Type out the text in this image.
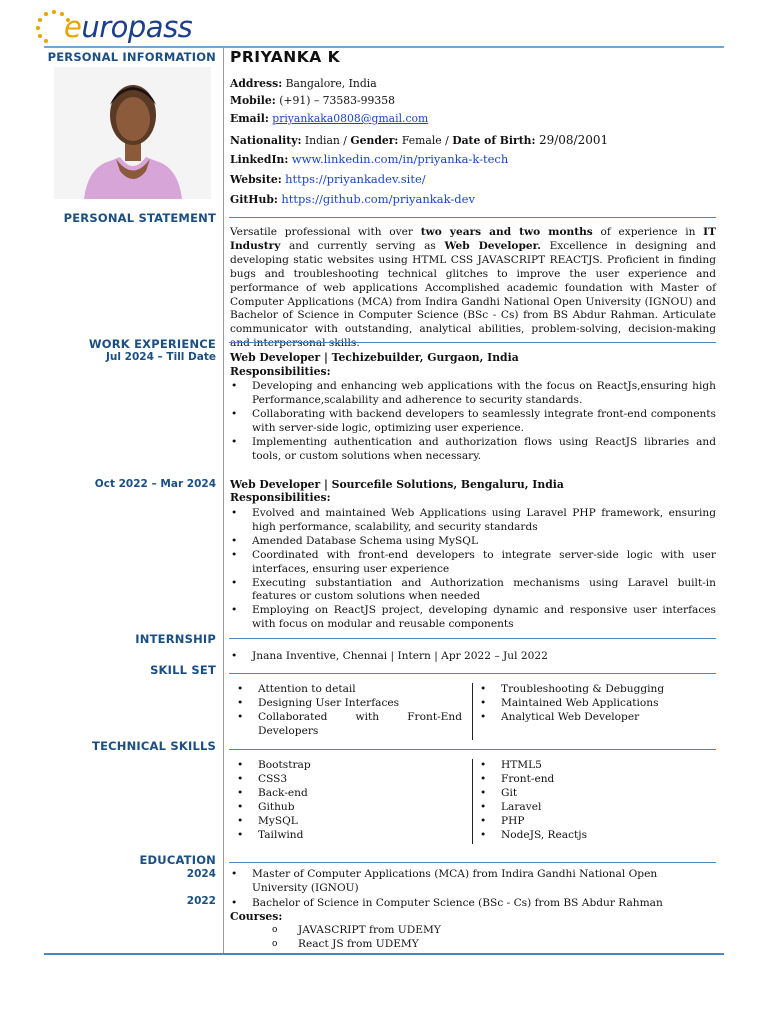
europass
PERSONAL INFORMATION
PERSONAL STATEMENT
WORK EXPERIENCE
Jul 2024 – Till Date
Oct 2022 – Mar 2024
INTERNSHIP
SKILL SET
TECHNICAL SKILLS
EDUCATION
2024
2022
PRIYANKA K
Address: Bangalore, India
Mobile: (+91) – 73583-99358
Email: priyankaka0808@gmail.com
Nationality: Indian / Gender: Female / Date of Birth: 29/08/2001
LinkedIn: www.linkedin.com/in/priyanka-k-tech
Website: https://priyankadev.site/
GitHub: https://github.com/priyankak-dev

Versatile professional with over two years and two months of experience in IT Industry and currently serving as Web Developer. Excellence in designing and developing static websites using HTML CSS JAVASCRIPT REACTJS. Proficient in finding bugs and troubleshooting technical glitches to improve the user experience and performance of web applications Accomplished academic foundation with Master of Computer Applications (MCA) from Indira Gandhi National Open University (IGNOU) and Bachelor of Science in Computer Science (BSc - Cs) from BS Abdur Rahman. Articulate communicator with outstanding, analytical abilities, problem-solving, decision-making and interpersonal skills.

Web Developer | Techizebuilder, Gurgaon, India
Responsibilities:
• Developing and enhancing web applications with the focus on ReactJs,ensuring high Performance,scalability and adherence to security standards.
• Collaborating with backend developers to seamlessly integrate front-end components with server-side logic, optimizing user experience.
• Implementing authentication and authorization flows using ReactJS libraries and tools, or custom solutions when necessary.
Web Developer | Sourcefile Solutions, Bengaluru, India
Responsibilities:
• Evolved and maintained Web Applications using Laravel PHP framework, ensuring high performance, scalability, and security standards
• Amended Database Schema using MySQL
• Coordinated with front-end developers to integrate server-side logic with user interfaces, ensuring user experience
• Executing substantiation and Authorization mechanisms using Laravel built-in features or custom solutions when needed
• Employing on ReactJS project, developing dynamic and responsive user interfaces with focus on modular and reusable components
• Jnana Inventive, Chennai | Intern | Apr 2022 – Jul 2022
• Attention to detail
• Designing User Interfaces
• Collaborated with Front-End Developers
• Troubleshooting & Debugging
• Maintained Web Applications
• Analytical Web Developer
• Bootstrap
• CSS3
• Back-end
• Github
• MySQL
• Tailwind
• HTML5
• Front-end
• Git
• Laravel
• PHP
• NodeJS, Reactjs
• Master of Computer Applications (MCA) from Indira Gandhi National Open University (IGNOU)
• Bachelor of Science in Computer Science (BSc - Cs) from BS Abdur Rahman
Courses:
o JAVASCRIPT from UDEMY
o React JS from UDEMY
